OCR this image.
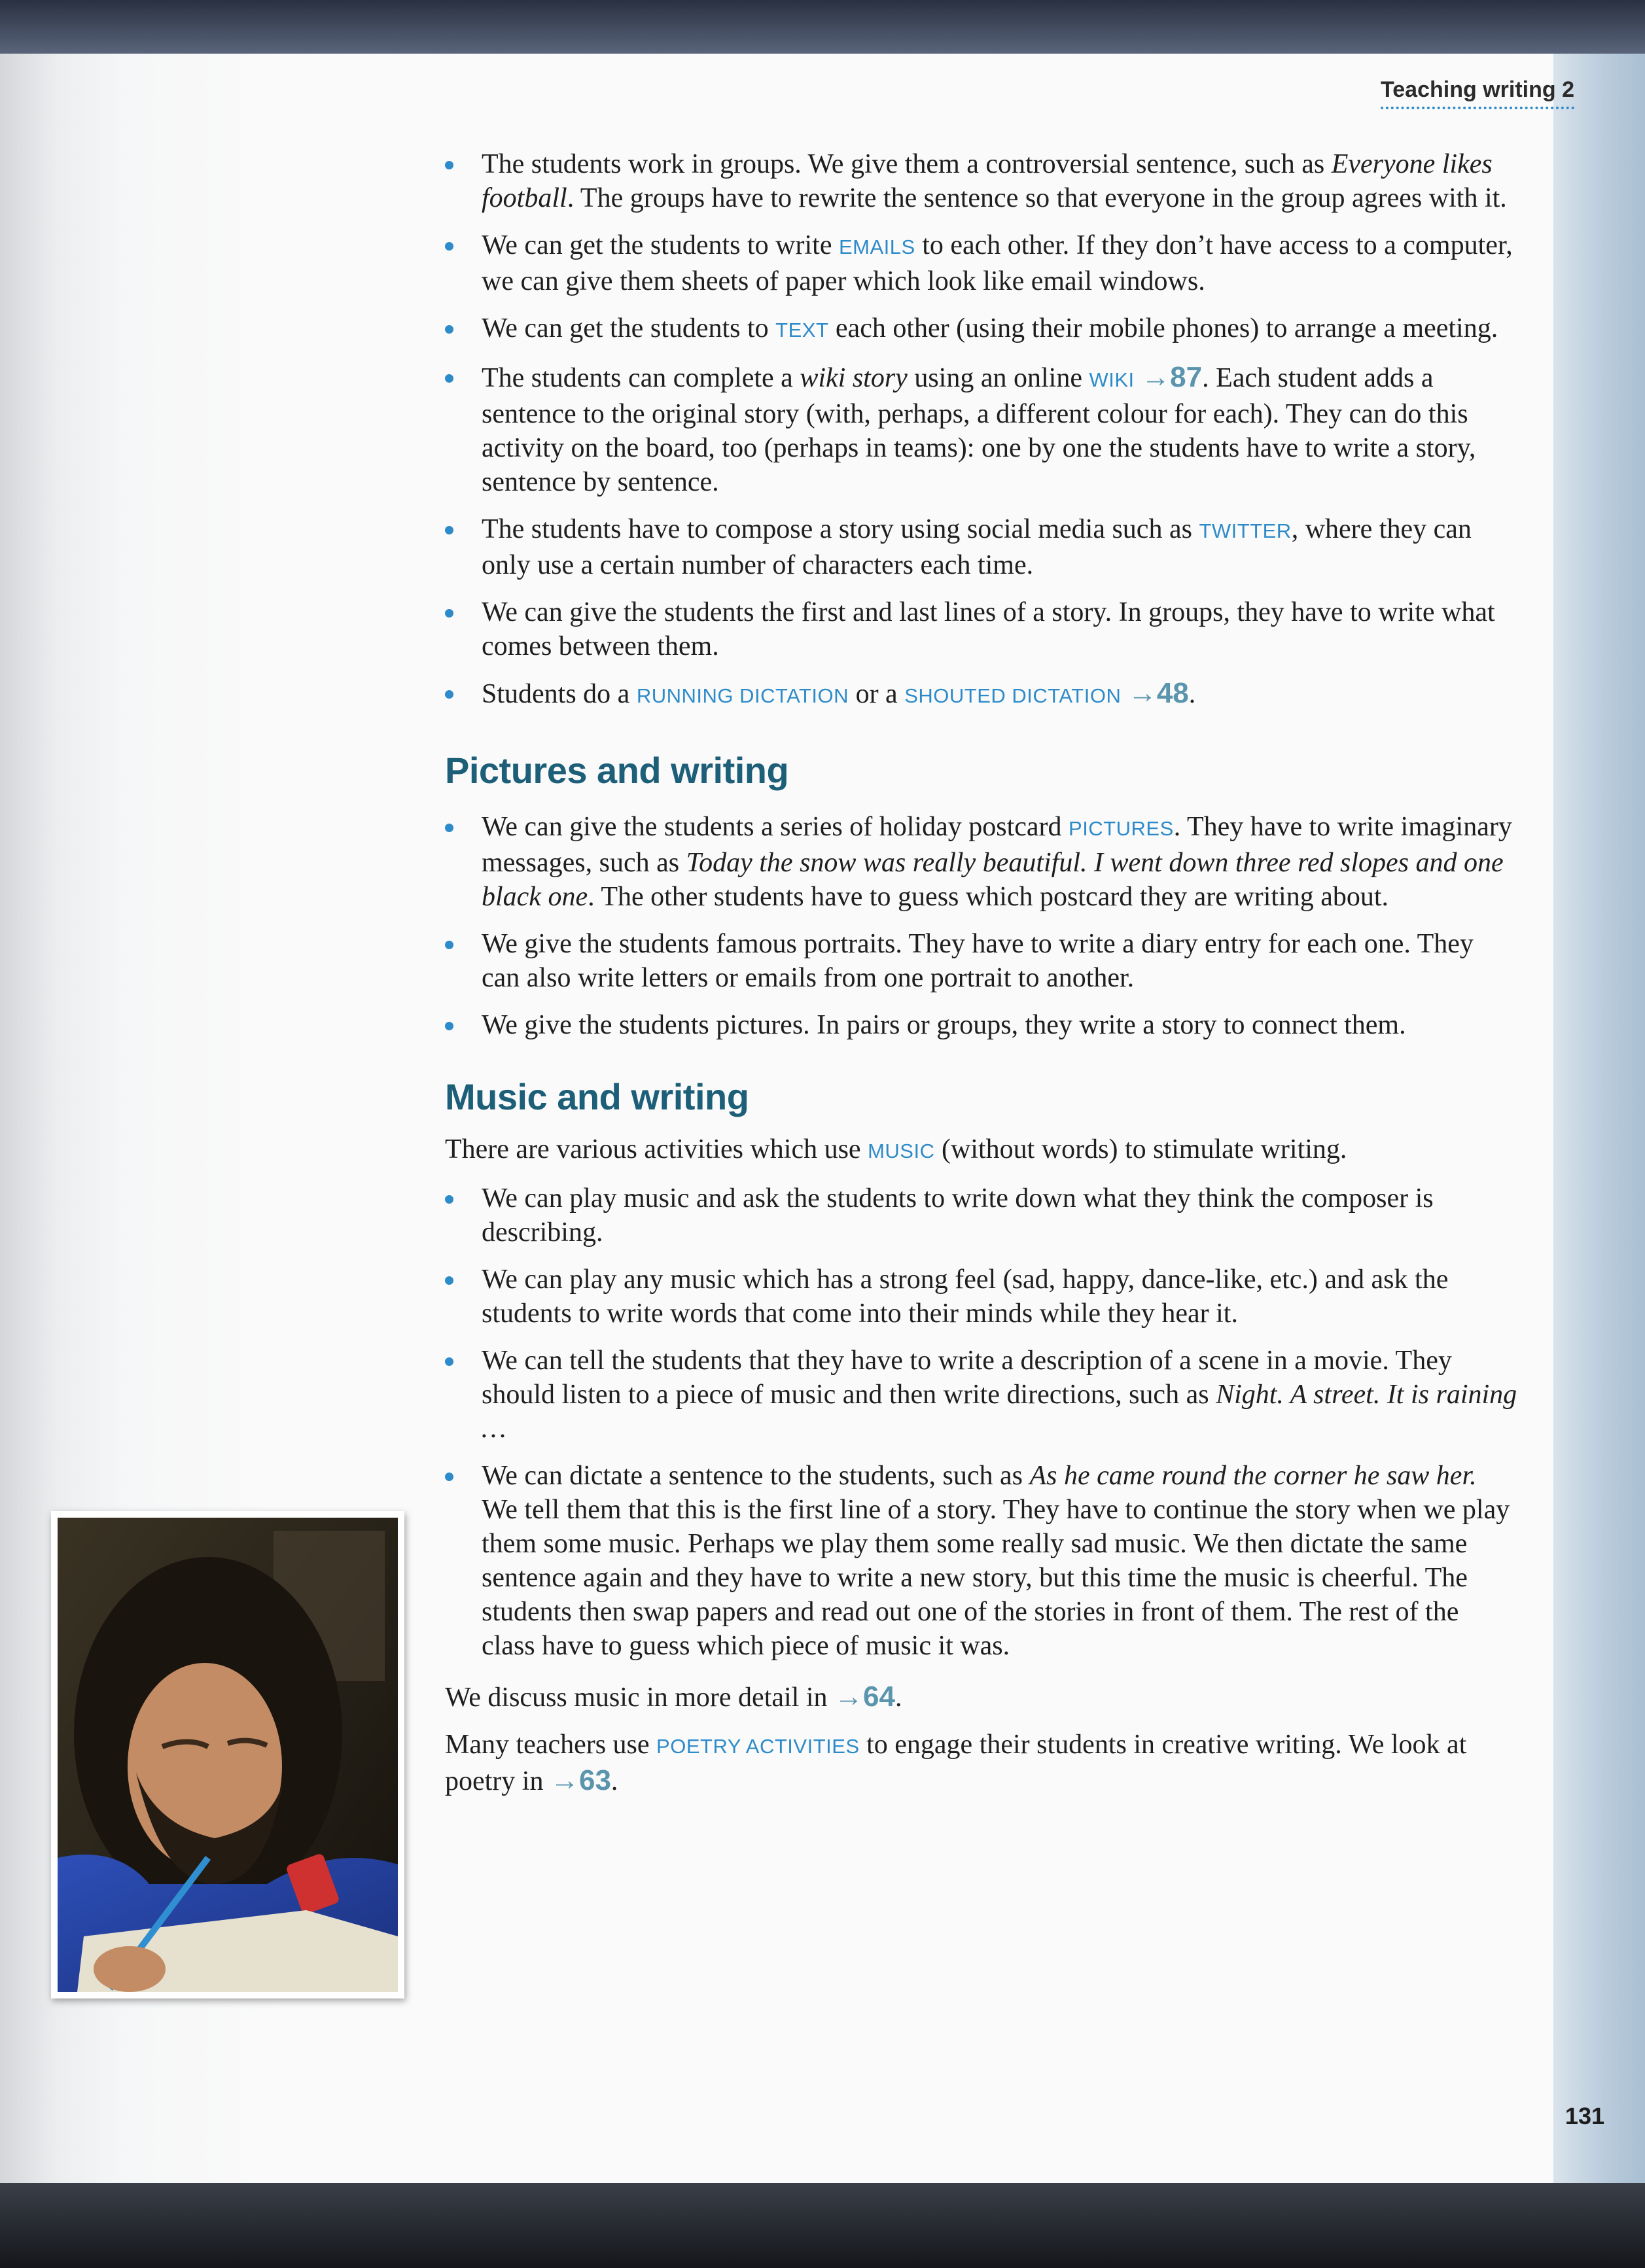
Teaching writing 2
The students work in groups. We give them a controversial sentence, such as Everyone likes football. The groups have to rewrite the sentence so that everyone in the group agrees with it.
We can get the students to write EMAILS to each other. If they don’t have access to a computer, we can give them sheets of paper which look like email windows.
We can get the students to TEXT each other (using their mobile phones) to arrange a meeting.
The students can complete a wiki story using an online WIKI →87. Each student adds a sentence to the original story (with, perhaps, a different colour for each). They can do this activity on the board, too (perhaps in teams): one by one the students have to write a story, sentence by sentence.
The students have to compose a story using social media such as TWITTER, where they can only use a certain number of characters each time.
We can give the students the first and last lines of a story. In groups, they have to write what comes between them.
Students do a RUNNING DICTATION or a SHOUTED DICTATION →48.
Pictures and writing
We can give the students a series of holiday postcard PICTURES. They have to write imaginary messages, such as Today the snow was really beautiful. I went down three red slopes and one black one. The other students have to guess which postcard they are writing about.
We give the students famous portraits. They have to write a diary entry for each one. They can also write letters or emails from one portrait to another.
We give the students pictures. In pairs or groups, they write a story to connect them.
Music and writing

There are various activities which use MUSIC (without words) to stimulate writing.

We can play music and ask the students to write down what they think the composer is describing.
We can play any music which has a strong feel (sad, happy, dance-like, etc.) and ask the students to write words that come into their minds while they hear it.
We can tell the students that they have to write a description of a scene in a movie. They should listen to a piece of music and then write directions, such as Night. A street. It is raining …
We can dictate a sentence to the students, such as As he came round the corner he saw her. We tell them that this is the first line of a story. They have to continue the story when we play them some music. Perhaps we play them some really sad music. We then dictate the same sentence again and they have to write a new story, but this time the music is cheerful. The students then swap papers and read out one of the stories in front of them. The rest of the class have to guess which piece of music it was.

We discuss music in more detail in →64.

Many teachers use POETRY ACTIVITIES to engage their students in creative writing. We look at poetry in →63.

131
